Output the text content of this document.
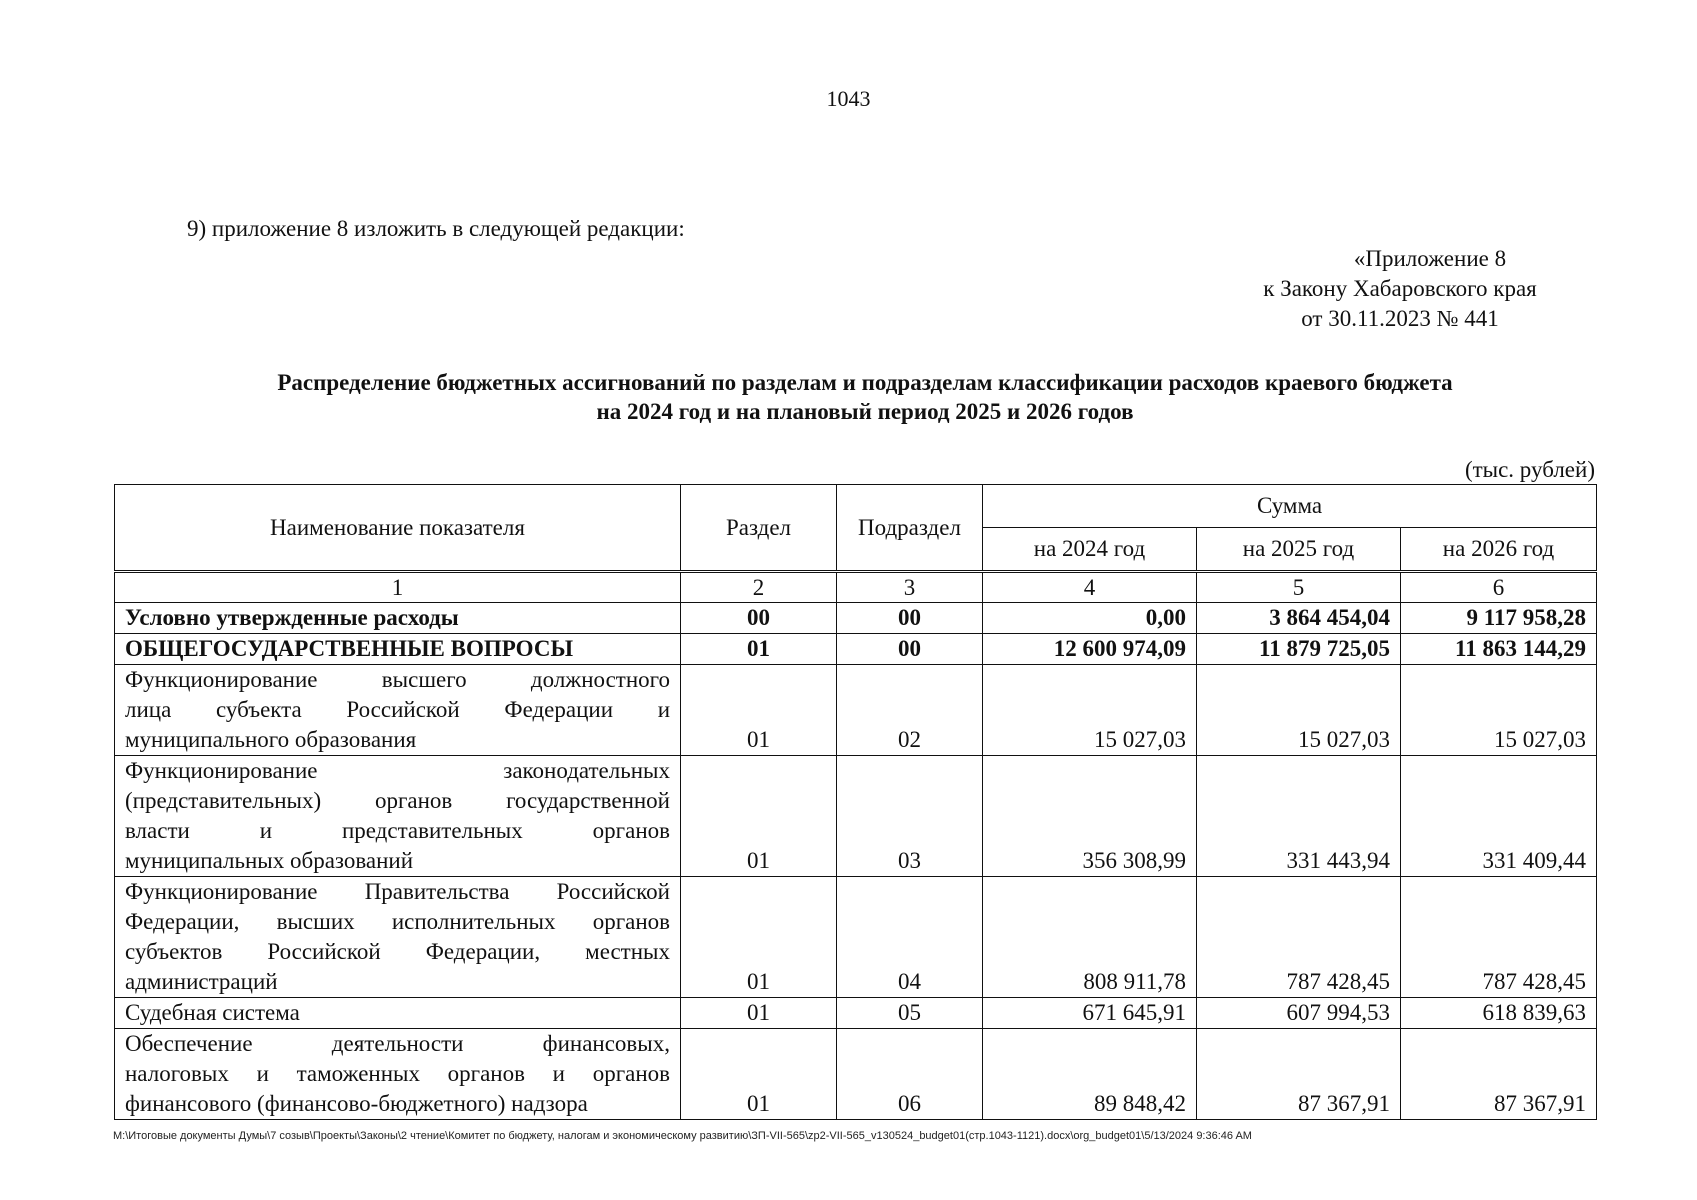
1043
9) приложение 8 изложить в следующей редакции:
«Приложение 8
к Закону Хабаровского края
от 30.11.2023 № 441
Распределение бюджетных ассигнований по разделам и подразделам классификации расходов краевого бюджета
на 2024 год и на плановый период 2025 и 2026 годов
(тыс. рублей)
Наименование показателя	Раздел	Подраздел	Сумма		
			на 2024 год	на 2025 год	на 2026 год
1	2	3	4	5	6

Условно утвержденные расходы	00	00	0,00	3 864 454,04	9 117 958,28

ОБЩЕГОСУДАРСТВЕННЫЕ ВОПРОСЫ	01	00	12 600 974,09	11 879 725,05	11 863 144,29

Функционирование высшего должностного
лица субъекта Российской Федерации и
муниципального образования	01	02	15 027,03	15 027,03	15 027,03

Функционирование законодательных
(представительных) органов государственной
власти и представительных органов
муниципальных образований	01	03	356 308,99	331 443,94	331 409,44

Функционирование Правительства Российской
Федерации, высших исполнительных органов
субъектов Российской Федерации, местных
администраций	01	04	808 911,78	787 428,45	787 428,45

Судебная система	01	05	671 645,91	607 994,53	618 839,63

Обеспечение деятельности финансовых,
налоговых и таможенных органов и органов
финансового (финансово-бюджетного) надзора	01	06	89 848,42	87 367,91	87 367,91
M:\Итоговые документы Думы\7 созыв\Проекты\Законы\2 чтение\Комитет по бюджету, налогам и экономическому развитию\ЗП-VII-565\zp2-VII-565_v130524_budget01(стр.1043-1121).docx\org_budget01\5/13/2024 9:36:46 AM
